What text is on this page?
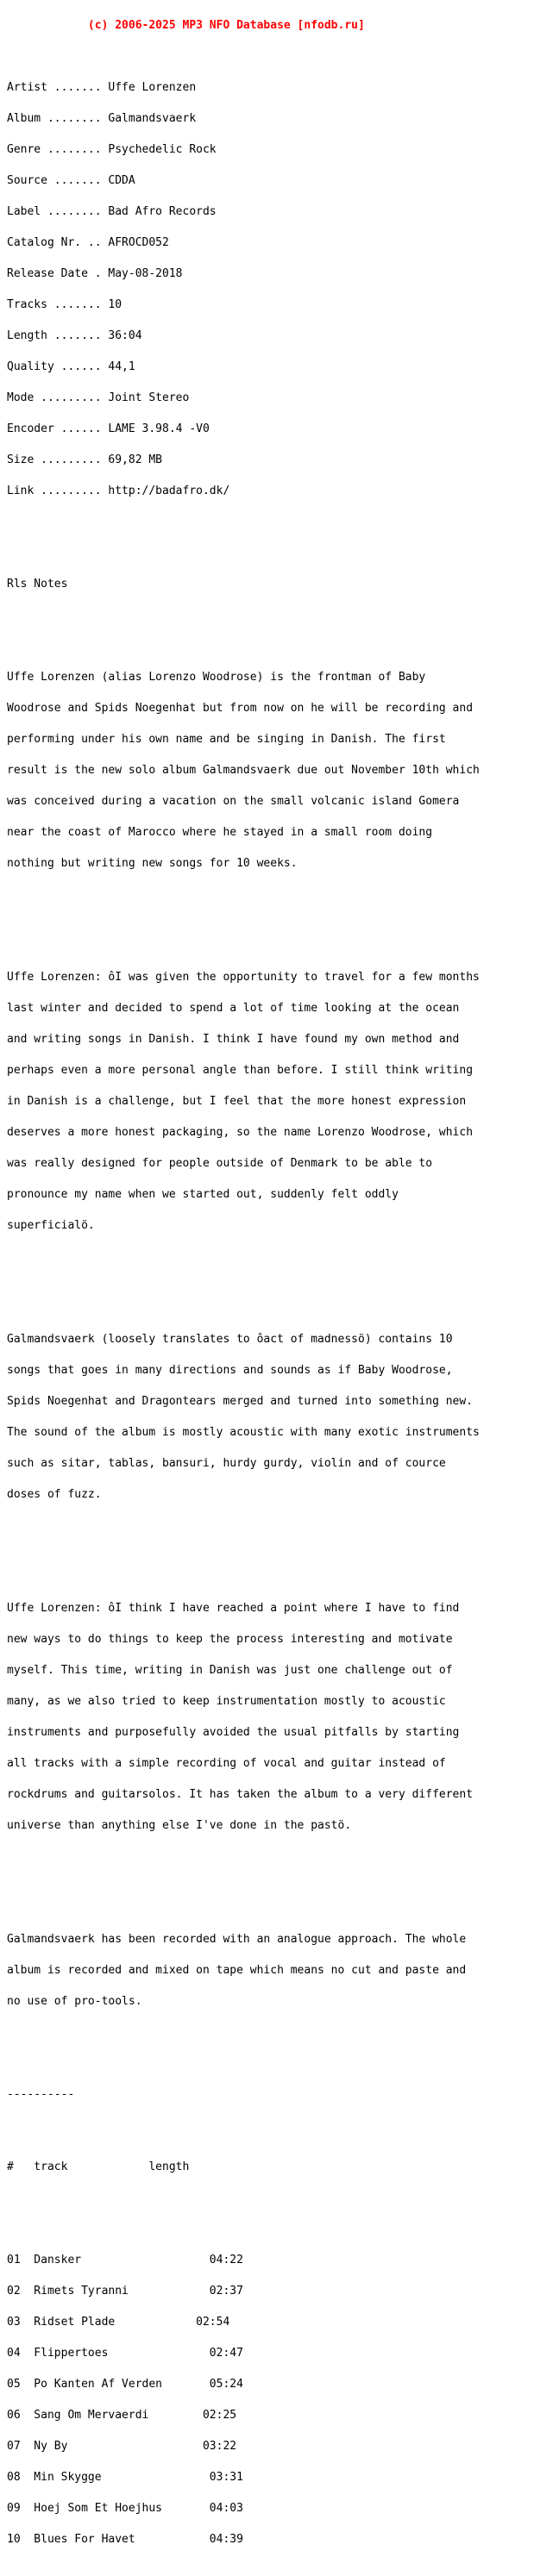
(c) 2006-2025 MP3 NFO Database [nfodb.ru]

Artist ....... Uffe Lorenzen

Album ........ Galmandsvaerk

Genre ........ Psychedelic Rock

Source ....... CDDA

Label ........ Bad Afro Records

Catalog Nr. .. AFROCD052

Release Date . May-08-2018

Tracks ....... 10

Length ....... 36:04

Quality ...... 44,1

Mode ......... Joint Stereo

Encoder ...... LAME 3.98.4 -V0

Size ......... 69,82 MB

Link ......... http://badafro.dk/

Rls Notes

Uffe Lorenzen (alias Lorenzo Woodrose) is the frontman of Baby

Woodrose and Spids Noegenhat but from now on he will be recording and

performing under his own name and be singing in Danish. The first

result is the new solo album Galmandsvaerk due out November 10th which

was conceived during a vacation on the small volcanic island Gomera

near the coast of Marocco where he stayed in a small room doing

nothing but writing new songs for 10 weeks.

Uffe Lorenzen: ôI was given the opportunity to travel for a few months

last winter and decided to spend a lot of time looking at the ocean

and writing songs in Danish. I think I have found my own method and

perhaps even a more personal angle than before. I still think writing

in Danish is a challenge, but I feel that the more honest expression

deserves a more honest packaging, so the name Lorenzo Woodrose, which

was really designed for people outside of Denmark to be able to

pronounce my name when we started out, suddenly felt oddly

superficialö.

Galmandsvaerk (loosely translates to ôact of madnessö) contains 10

songs that goes in many directions and sounds as if Baby Woodrose,

Spids Noegenhat and Dragontears merged and turned into something new.

The sound of the album is mostly acoustic with many exotic instruments

such as sitar, tablas, bansuri, hurdy gurdy, violin and of cource

doses of fuzz.

Uffe Lorenzen: ôI think I have reached a point where I have to find

new ways to do things to keep the process interesting and motivate

myself. This time, writing in Danish was just one challenge out of

many, as we also tried to keep instrumentation mostly to acoustic

instruments and purposefully avoided the usual pitfalls by starting

all tracks with a simple recording of vocal and guitar instead of

rockdrums and guitarsolos. It has taken the album to a very different

universe than anything else I've done in the pastö.

Galmandsvaerk has been recorded with an analogue approach. The whole

album is recorded and mixed on tape which means no cut and paste and

no use of pro-tools.

----------

#   track            length

01  Dansker                   04:22

02  Rimets Tyranni            02:37

03  Ridset Plade            02:54

04  Flippertoes               02:47

05  Po Kanten Af Verden       05:24

06  Sang Om Mervaerdi        02:25

07  Ny By                    03:22

08  Min Skygge                03:31

09  Hoej Som Et Hoejhus       04:03

10  Blues For Havet           04:39
